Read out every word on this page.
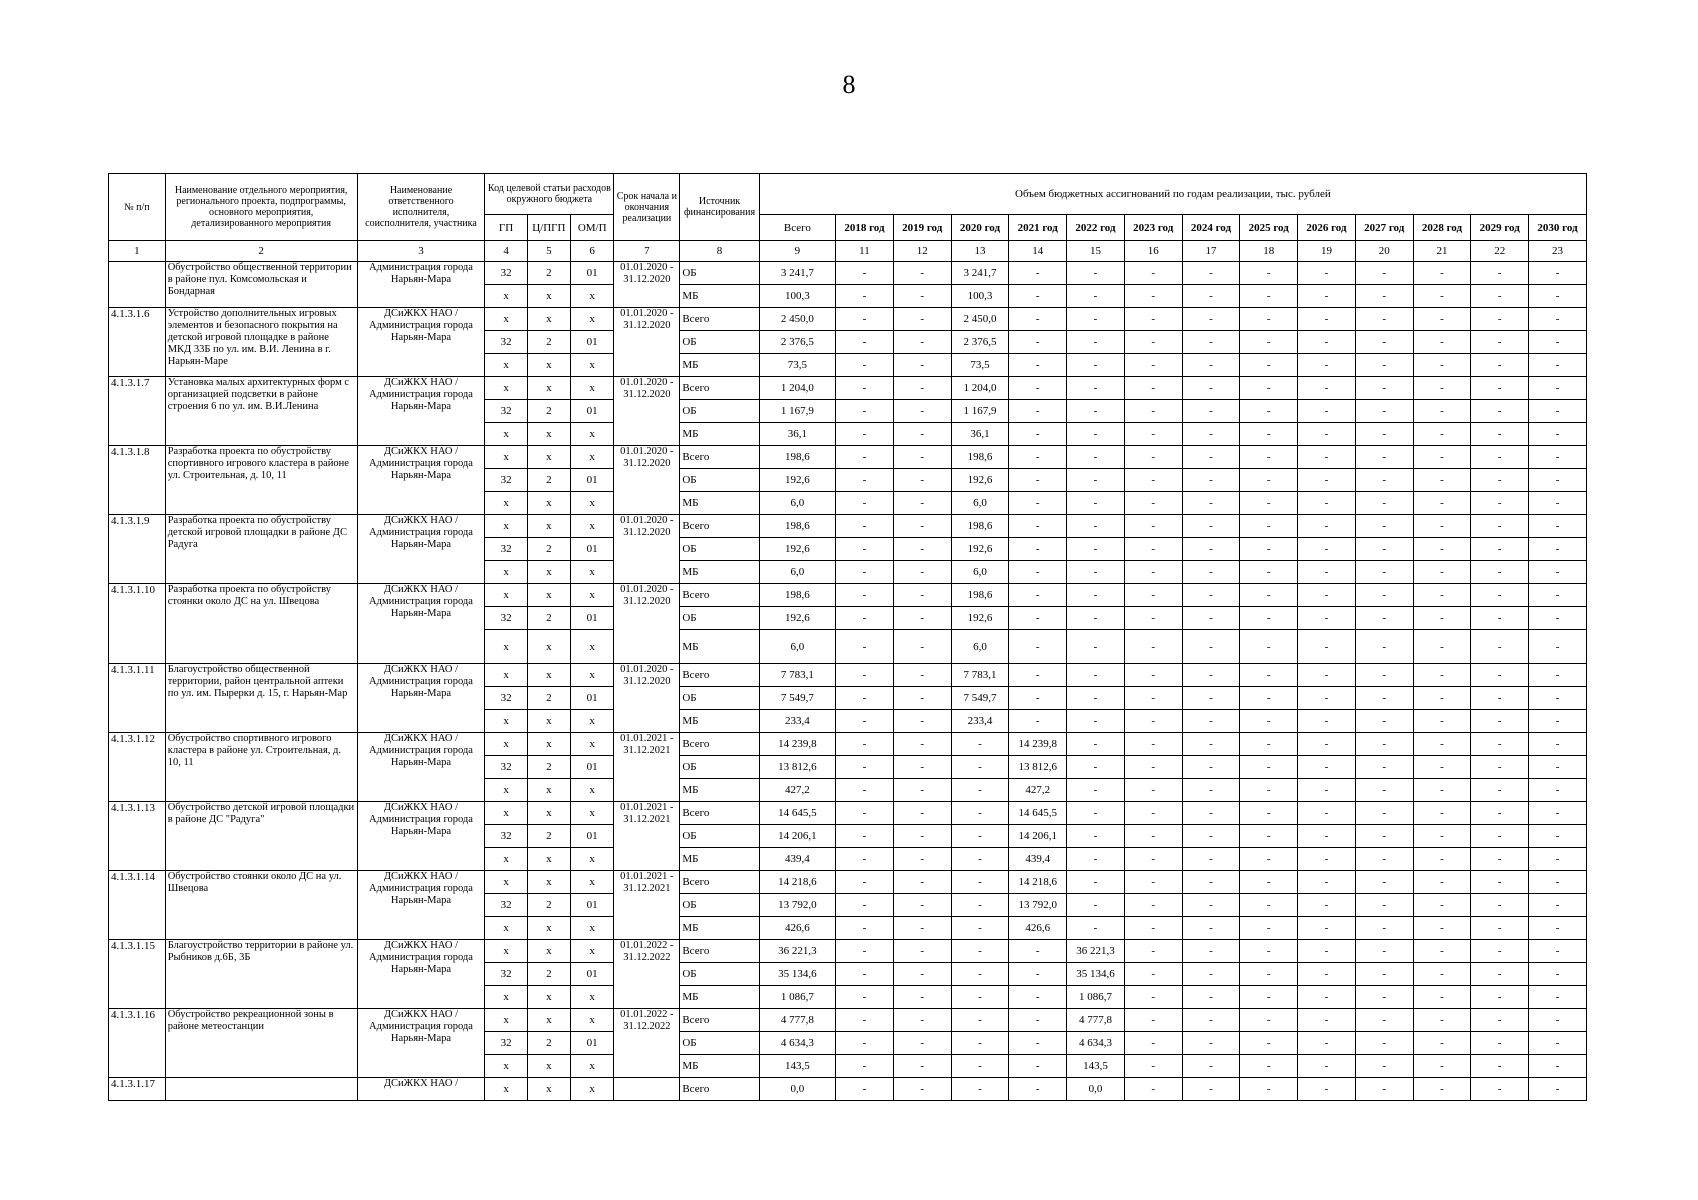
8
№ п/п	Наименование отдельного мероприятия, регионального проекта, подпрограммы, основного мероприятия, детализированного мероприятия	Наименование ответственного исполнителя, соисполнителя, участника	Код целевой статьи расходов окружного бюджета			Срок начала и окончания реализации	Источник финансирования	Объем бюджетных ассигнований по годам реализации, тыс. рублей													
			ГП	Ц/ПГП	ОМ/П			Всего	2018 год	2019 год	2020 год	2021 год	2022 год	2023 год	2024 год	2025 год	2026 год	2027 год	2028 год	2029 год	2030 год
1	2	3	4	5	6	7	8	9	11	12	13	14	15	16	17	18	19	20	21	22	23
	Обустройство общественной территории в районе пул. Комсомольская и Бондарная	Администрация города Нарьян-Мара	32	2	01	01.01.2020 - 31.12.2020	ОБ	3 241,7	-	-	3 241,7	-	-	-	-	-	-	-	-	-	-
			x	x	x		МБ	100,3	-	-	100,3	-	-	-	-	-	-	-	-	-	-
4.1.3.1.6	Устройство дополнительных игровых элементов и безопасного покрытия на детской игровой площадке в районе МКД 33Б по ул. им. В.И. Ленина в г. Нарьян-Маре	ДСиЖКХ НАО / Администрация города Нарьян-Мара	x	x	x	01.01.2020 - 31.12.2020	Всего	2 450,0	-	-	2 450,0	-	-	-	-	-	-	-	-	-	-
			32	2	01		ОБ	2 376,5	-	-	2 376,5	-	-	-	-	-	-	-	-	-	-
			x	x	x		МБ	73,5	-	-	73,5	-	-	-	-	-	-	-	-	-	-
4.1.3.1.7	Установка малых архитектурных форм с организацией подсветки в районе строения 6 по ул. им. В.И.Ленина	ДСиЖКХ НАО / Администрация города Нарьян-Мара	x	x	x	01.01.2020 - 31.12.2020	Всего	1 204,0	-	-	1 204,0	-	-	-	-	-	-	-	-	-	-
			32	2	01		ОБ	1 167,9	-	-	1 167,9	-	-	-	-	-	-	-	-	-	-
			x	x	x		МБ	36,1	-	-	36,1	-	-	-	-	-	-	-	-	-	-
4.1.3.1.8	Разработка проекта по обустройству спортивного игрового кластера в районе ул. Строительная, д. 10, 11	ДСиЖКХ НАО / Администрация города Нарьян-Мара	x	x	x	01.01.2020 - 31.12.2020	Всего	198,6	-	-	198,6	-	-	-	-	-	-	-	-	-	-
			32	2	01		ОБ	192,6	-	-	192,6	-	-	-	-	-	-	-	-	-	-
			x	x	x		МБ	6,0	-	-	6,0	-	-	-	-	-	-	-	-	-	-
4.1.3.1.9	Разработка проекта по обустройству детской игровой площадки в районе ДС Радуга	ДСиЖКХ НАО / Администрация города Нарьян-Мара	x	x	x	01.01.2020 - 31.12.2020	Всего	198,6	-	-	198,6	-	-	-	-	-	-	-	-	-	-
			32	2	01		ОБ	192,6	-	-	192,6	-	-	-	-	-	-	-	-	-	-
			x	x	x		МБ	6,0	-	-	6,0	-	-	-	-	-	-	-	-	-	-
4.1.3.1.10	Разработка проекта по обустройству стоянки около ДС на ул. Швецова	ДСиЖКХ НАО / Администрация города Нарьян-Мара	x	x	x	01.01.2020 - 31.12.2020	Всего	198,6	-	-	198,6	-	-	-	-	-	-	-	-	-	-
			32	2	01		ОБ	192,6	-	-	192,6	-	-	-	-	-	-	-	-	-	-
			x	x	x		МБ	6,0	-	-	6,0	-	-	-	-	-	-	-	-	-	-
4.1.3.1.11	Благоустройство общественной территории, район центральной аптеки по ул. им. Пырерки д. 15, г. Нарьян-Мар	ДСиЖКХ НАО / Администрация города Нарьян-Мара	x	x	x	01.01.2020 - 31.12.2020	Всего	7 783,1	-	-	7 783,1	-	-	-	-	-	-	-	-	-	-
			32	2	01		ОБ	7 549,7	-	-	7 549,7	-	-	-	-	-	-	-	-	-	-
			x	x	x		МБ	233,4	-	-	233,4	-	-	-	-	-	-	-	-	-	-
4.1.3.1.12	Обустройство спортивного игрового кластера в районе ул. Строительная, д. 10, 11	ДСиЖКХ НАО / Администрация города Нарьян-Мара	x	x	x	01.01.2021 - 31.12.2021	Всего	14 239,8	-	-	-	14 239,8	-	-	-	-	-	-	-	-	-
			32	2	01		ОБ	13 812,6	-	-	-	13 812,6	-	-	-	-	-	-	-	-	-
			x	x	x		МБ	427,2	-	-	-	427,2	-	-	-	-	-	-	-	-	-
4.1.3.1.13	Обустройство детской игровой площадки в районе ДС "Радуга"	ДСиЖКХ НАО / Администрация города Нарьян-Мара	x	x	x	01.01.2021 - 31.12.2021	Всего	14 645,5	-	-	-	14 645,5	-	-	-	-	-	-	-	-	-
			32	2	01		ОБ	14 206,1	-	-	-	14 206,1	-	-	-	-	-	-	-	-	-
			x	x	x		МБ	439,4	-	-	-	439,4	-	-	-	-	-	-	-	-	-
4.1.3.1.14	Обустройство стоянки около ДС на ул. Швецова	ДСиЖКХ НАО / Администрация города Нарьян-Мара	x	x	x	01.01.2021 - 31.12.2021	Всего	14 218,6	-	-	-	14 218,6	-	-	-	-	-	-	-	-	-
			32	2	01		ОБ	13 792,0	-	-	-	13 792,0	-	-	-	-	-	-	-	-	-
			x	x	x		МБ	426,6	-	-	-	426,6	-	-	-	-	-	-	-	-	-
4.1.3.1.15	Благоустройство территории в районе ул. Рыбников д.6Б, 3Б	ДСиЖКХ НАО / Администрация города Нарьян-Мара	x	x	x	01.01.2022 - 31.12.2022	Всего	36 221,3	-	-	-	-	36 221,3	-	-	-	-	-	-	-	-
			32	2	01		ОБ	35 134,6	-	-	-	-	35 134,6	-	-	-	-	-	-	-	-
			x	x	x		МБ	1 086,7	-	-	-	-	1 086,7	-	-	-	-	-	-	-	-
4.1.3.1.16	Обустройство рекреационной зоны в районе метеостанции	ДСиЖКХ НАО / Администрация города Нарьян-Мара	x	x	x	01.01.2022 - 31.12.2022	Всего	4 777,8	-	-	-	-	4 777,8	-	-	-	-	-	-	-	-
			32	2	01		ОБ	4 634,3	-	-	-	-	4 634,3	-	-	-	-	-	-	-	-
			x	x	x		МБ	143,5	-	-	-	-	143,5	-	-	-	-	-	-	-	-
4.1.3.1.17		ДСиЖКХ НАО /	x	x	x		Всего	0,0	-	-	-	-	0,0	-	-	-	-	-	-	-	-
